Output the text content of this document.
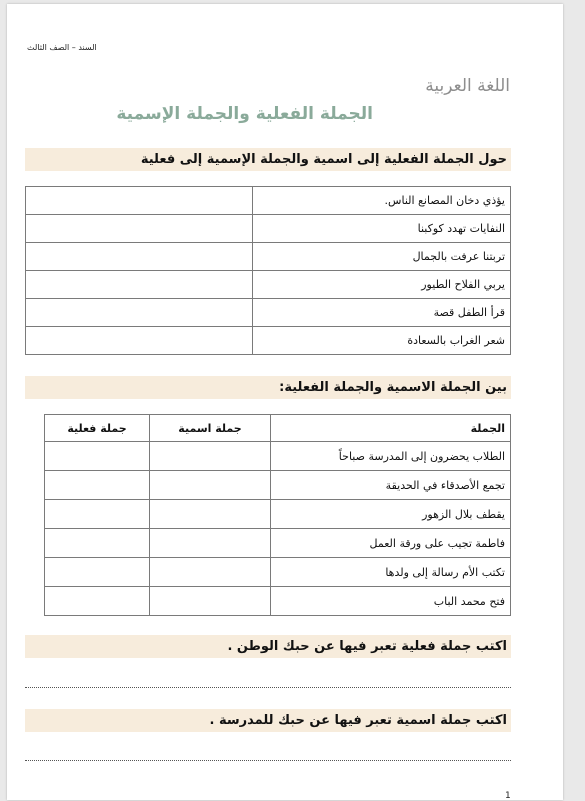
السند – الصف الثالث
اللغة العربية
الجملة الفعلية والجملة الإسمية
حول الجملة الفعلية إلى اسمية والجملة الإسمية إلى فعلية
يؤذي دخان المصانع الناس.	
النفايات تهدد كوكبنا	
تربتنا عرفت بالجمال	
يربي الفلاح الطيور	
قرأ الطفل قصة	
شعر الغراب بالسعادة	
بين الجملة الاسمية والجملة الفعلية:
الجملة	جملة اسمية	جملة فعلية
الطلاب يحضرون إلى المدرسة صباحاً		
تجمع الأصدقاء في الحديقة		
يقطف بلال الزهور		
فاطمة تجيب على ورقة العمل		
تكتب الأم رسالة إلى ولدها		
فتح محمد الباب		
اكتب جملة فعلية تعبر فيها عن حبك الوطن .
اكتب جملة اسمية تعبر فيها عن حبك للمدرسة .
1
